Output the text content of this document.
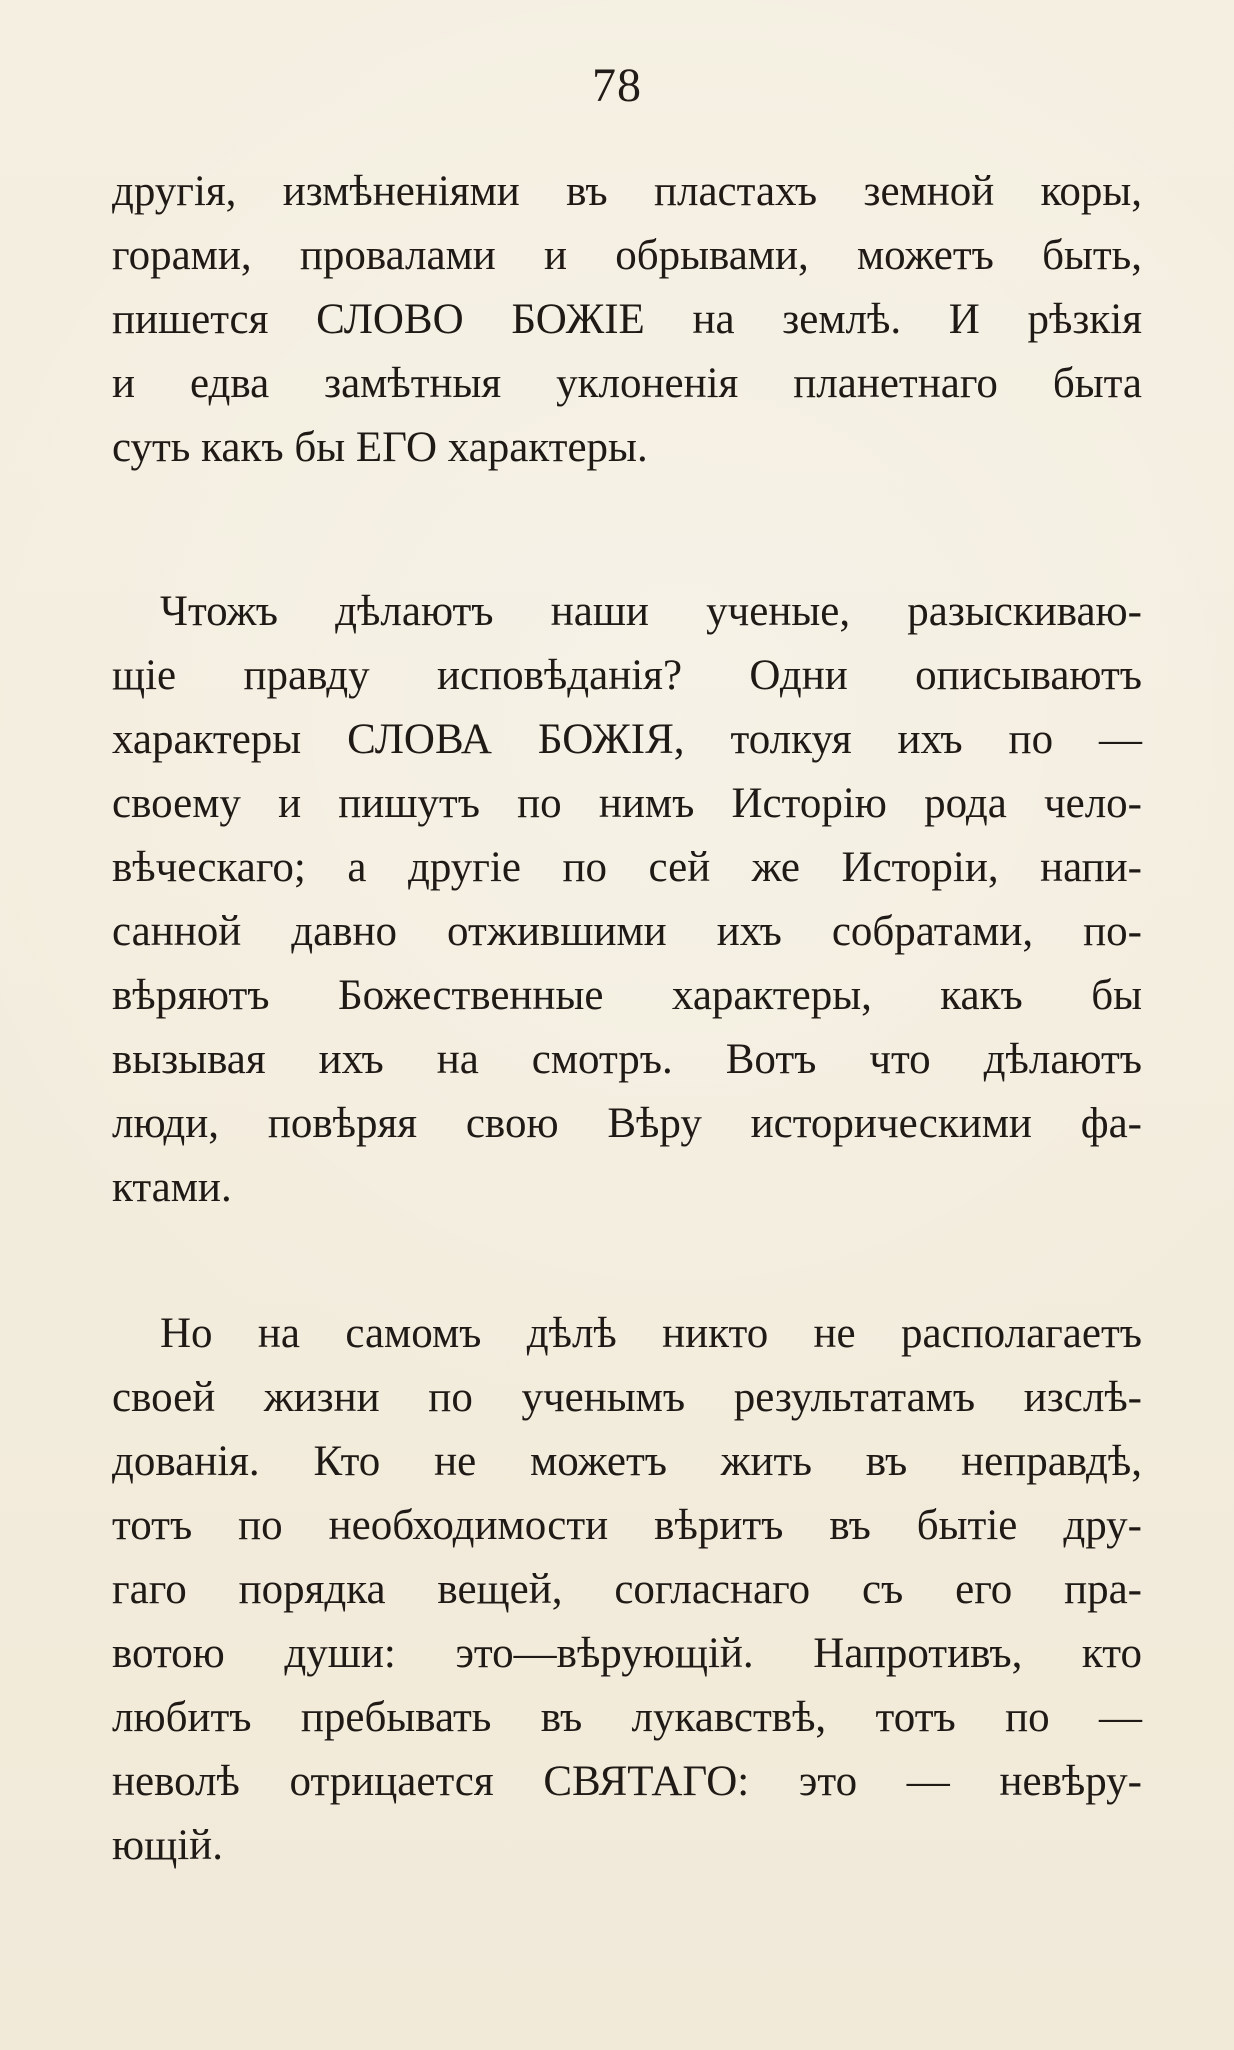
78
другія, измѣненіями въ пластахъ земной коры,
горами, провалами и обрывами, можетъ быть,
пишется СЛОВО БОЖІЕ на землѣ. И рѣзкія
и едва замѣтныя уклоненія планетнаго быта
суть какъ бы ЕГО характеры.
Чтожъ дѣлаютъ наши ученые, разыскиваю-
щіе правду исповѣданія? Одни описываютъ
характеры СЛОВА БОЖІЯ, толкуя ихъ по —
своему и пишутъ по нимъ Исторію рода чело-
вѣческаго; а другіе по сей же Исторіи, напи-
санной давно отжившими ихъ собратами, по-
вѣряютъ Божественные характеры, какъ бы
вызывая ихъ на смотръ. Вотъ что дѣлаютъ
люди, повѣряя свою Вѣру историческими фа-
ктами.
Но на самомъ дѣлѣ никто не располагаетъ
своей жизни по ученымъ результатамъ изслѣ-
дованія. Кто не можетъ жить въ неправдѣ,
тотъ по необходимости вѣритъ въ бытіе дру-
гаго порядка вещей, согласнаго съ его пра-
вотою души: это—вѣрующій. Напротивъ, кто
любитъ пребывать въ лукавствѣ, тотъ по —
неволѣ отрицается СВЯТАГО: это — невѣру-
ющій.
